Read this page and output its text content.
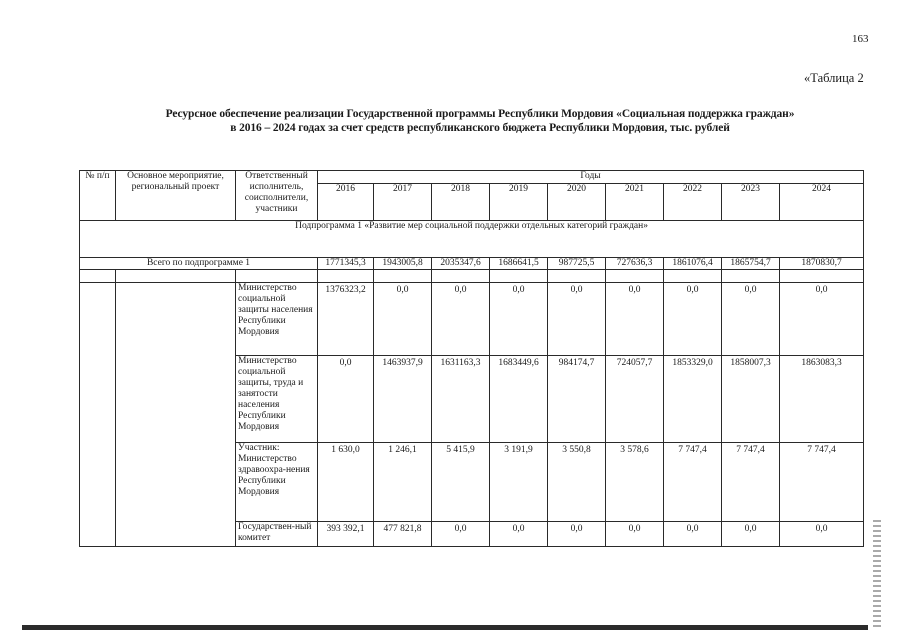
163
«Таблица 2
Ресурсное обеспечение реализации Государственной программы Республики Мордовия «Социальная поддержка граждан»
в 2016 – 2024 годах за счет средств республиканского бюджета Республики Мордовия, тыс. рублей
№ п/п	Основное мероприятие, региональный проект	Ответственный исполнитель, соисполнители, участники	Годы								
			2016	2017	2018	2019	2020	2021	2022	2023	2024
Подпрограмма 1 «Развитие мер социальной поддержки отдельных категорий граждан»											
Всего по подпрограмме 1			1771345,3	1943005,8	2035347,6	1686641,5	987725,5	727636,3	1861076,4	1865754,7	1870830,7

		Министерство социальной защиты населения Республики Мордовия	1376323,2	0,0	0,0	0,0	0,0	0,0	0,0	0,0	0,0
		Министерство социальной защиты, труда и занятости населения Республики Мордовия	0,0	1463937,9	1631163,3	1683449,6	984174,7	724057,7	1853329,0	1858007,3	1863083,3
		Участник: Министерство здравоохра-нения Республики Мордовия	1 630,0	1 246,1	5 415,9	3 191,9	3 550,8	3 578,6	7 747,4	7 747,4	7 747,4
		Государствен-ный комитет	393 392,1	477 821,8	0,0	0,0	0,0	0,0	0,0	0,0	0,0
